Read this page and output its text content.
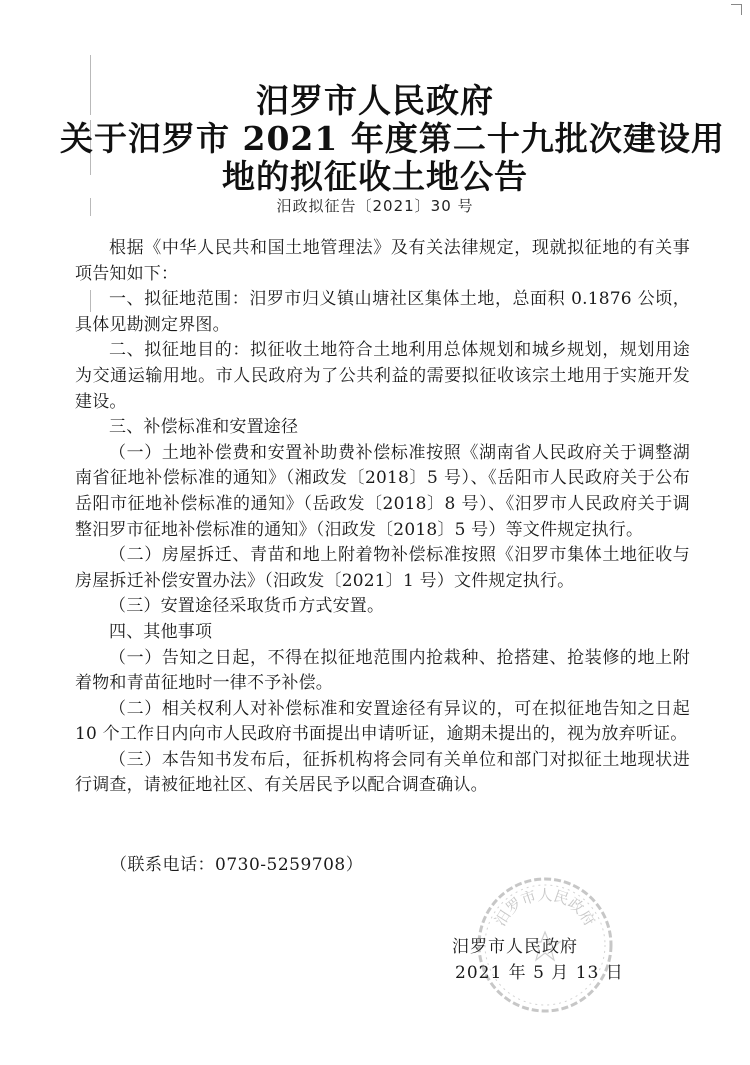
汨罗市人民政府
关于汨罗市 2021 年度第二十九批次建设用
地的拟征收土地公告
汨政拟征告〔2021〕30 号

根据《中华人民共和国土地管理法》及有关法律规定，现就拟征地的有关事项告知如下：

一、拟征地范围：汨罗市归义镇山塘社区集体土地，总面积 0.1876 公顷，具体见勘测定界图。

二、拟征地目的：拟征收土地符合土地利用总体规划和城乡规划，规划用途为交通运输用地。市人民政府为了公共利益的需要拟征收该宗土地用于实施开发建设。

三、补偿标准和安置途径

（一）土地补偿费和安置补助费补偿标准按照《湖南省人民政府关于调整湖南省征地补偿标准的通知》（湘政发〔2018〕5 号）、《岳阳市人民政府关于公布岳阳市征地补偿标准的通知》（岳政发〔2018〕8 号）、《汨罗市人民政府关于调整汨罗市征地补偿标准的通知》（汨政发〔2018〕5 号）等文件规定执行。

（二）房屋拆迁、青苗和地上附着物补偿标准按照《汨罗市集体土地征收与房屋拆迁补偿安置办法》（汨政发〔2021〕1 号）文件规定执行。

（三）安置途径采取货币方式安置。

四、其他事项

（一）告知之日起，不得在拟征地范围内抢栽种、抢搭建、抢装修的地上附着物和青苗征地时一律不予补偿。

（二）相关权利人对补偿标准和安置途径有异议的，可在拟征地告知之日起 10 个工作日内向市人民政府书面提出申请听证，逾期未提出的，视为放弃听证。

（三）本告知书发布后，征拆机构将会同有关单位和部门对拟征土地现状进行调查，请被征地社区、有关居民予以配合调查确认。

（联系电话：0730-5259708）
汨罗市人民政府
汨罗市人民政府
2021 年 5 月 13 日
